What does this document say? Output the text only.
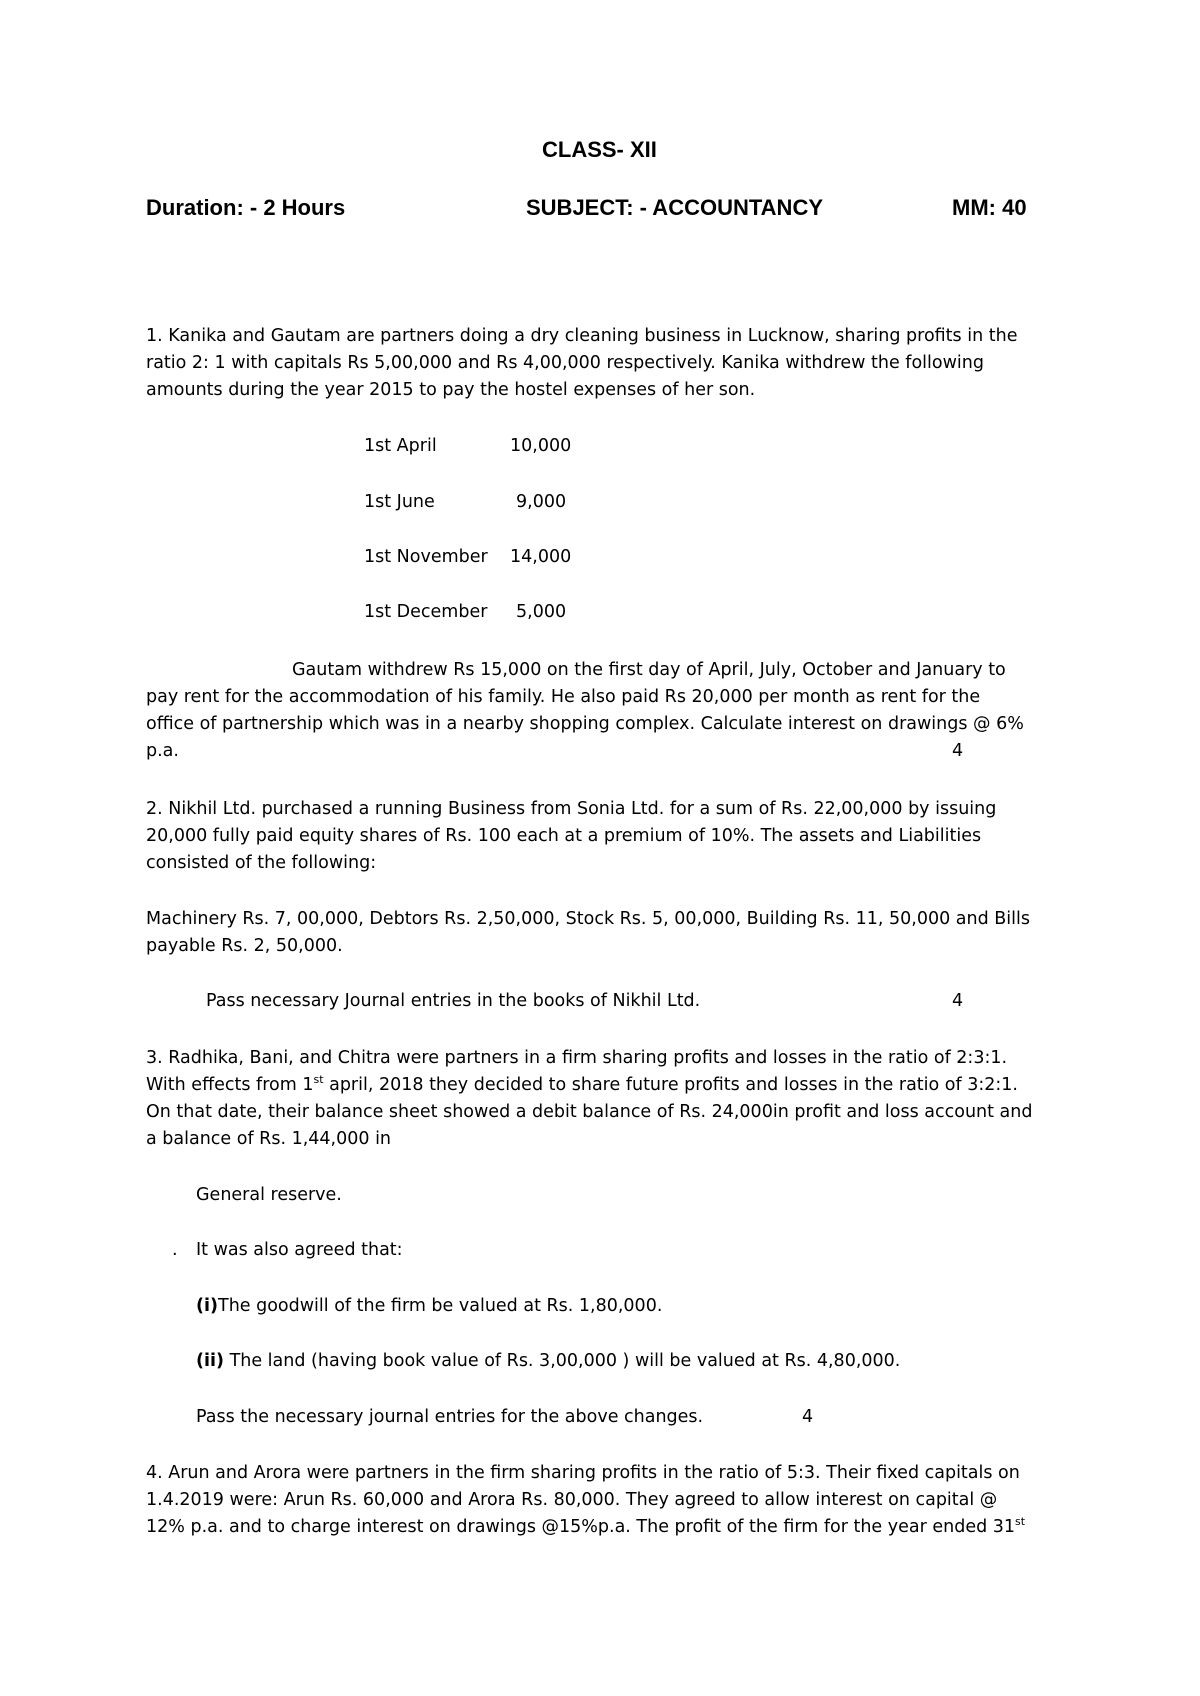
CLASS- XII
Duration: - 2 Hours	SUBJECT: - ACCOUNTANCY	MM: 40
1. Kanika and Gautam are partners doing a dry cleaning business in Lucknow, sharing profits in the
ratio 2: 1 with capitals Rs 5,00,000 and Rs 4,00,000 respectively. Kanika withdrew the following
amounts during the year 2015 to pay the hostel expenses of her son.
1st April	10,000
1st June	9,000
1st November 14,000
1st December 5,000
Gautam withdrew Rs 15,000 on the first day of April, July, October and January to
pay rent for the accommodation of his family. He also paid Rs 20,000 per month as rent for the
office of partnership which was in a nearby shopping complex. Calculate interest on drawings @ 6%
p.a.	4
2. Nikhil Ltd. purchased a running Business from Sonia Ltd. for a sum of Rs. 22,00,000 by issuing
20,000 fully paid equity shares of Rs. 100 each at a premium of 10%. The assets and Liabilities
consisted of the following:
Machinery Rs. 7, 00,000, Debtors Rs. 2,50,000, Stock Rs. 5, 00,000, Building Rs. 11, 50,000 and Bills
payable Rs. 2, 50,000.
Pass necessary Journal entries in the books of Nikhil Ltd.	4
3. Radhika, Bani, and Chitra were partners in a firm sharing profits and losses in the ratio of 2:3:1.
With effects from 1st april, 2018 they decided to share future profits and losses in the ratio of 3:2:1.
On that date, their balance sheet showed a debit balance of Rs. 24,000in profit and loss account and
a balance of Rs. 1,44,000 in
General reserve.
. It was also agreed that:
(i)The goodwill of the firm be valued at Rs. 1,80,000.
(ii) The land (having book value of Rs. 3,00,000 ) will be valued at Rs. 4,80,000.
Pass the necessary journal entries for the above changes.	4
4. Arun and Arora were partners in the firm sharing profits in the ratio of 5:3. Their fixed capitals on
1.4.2019 were: Arun Rs. 60,000 and Arora Rs. 80,000. They agreed to allow interest on capital @
12% p.a. and to charge interest on drawings @15%p.a. The profit of the firm for the year ended 31st
